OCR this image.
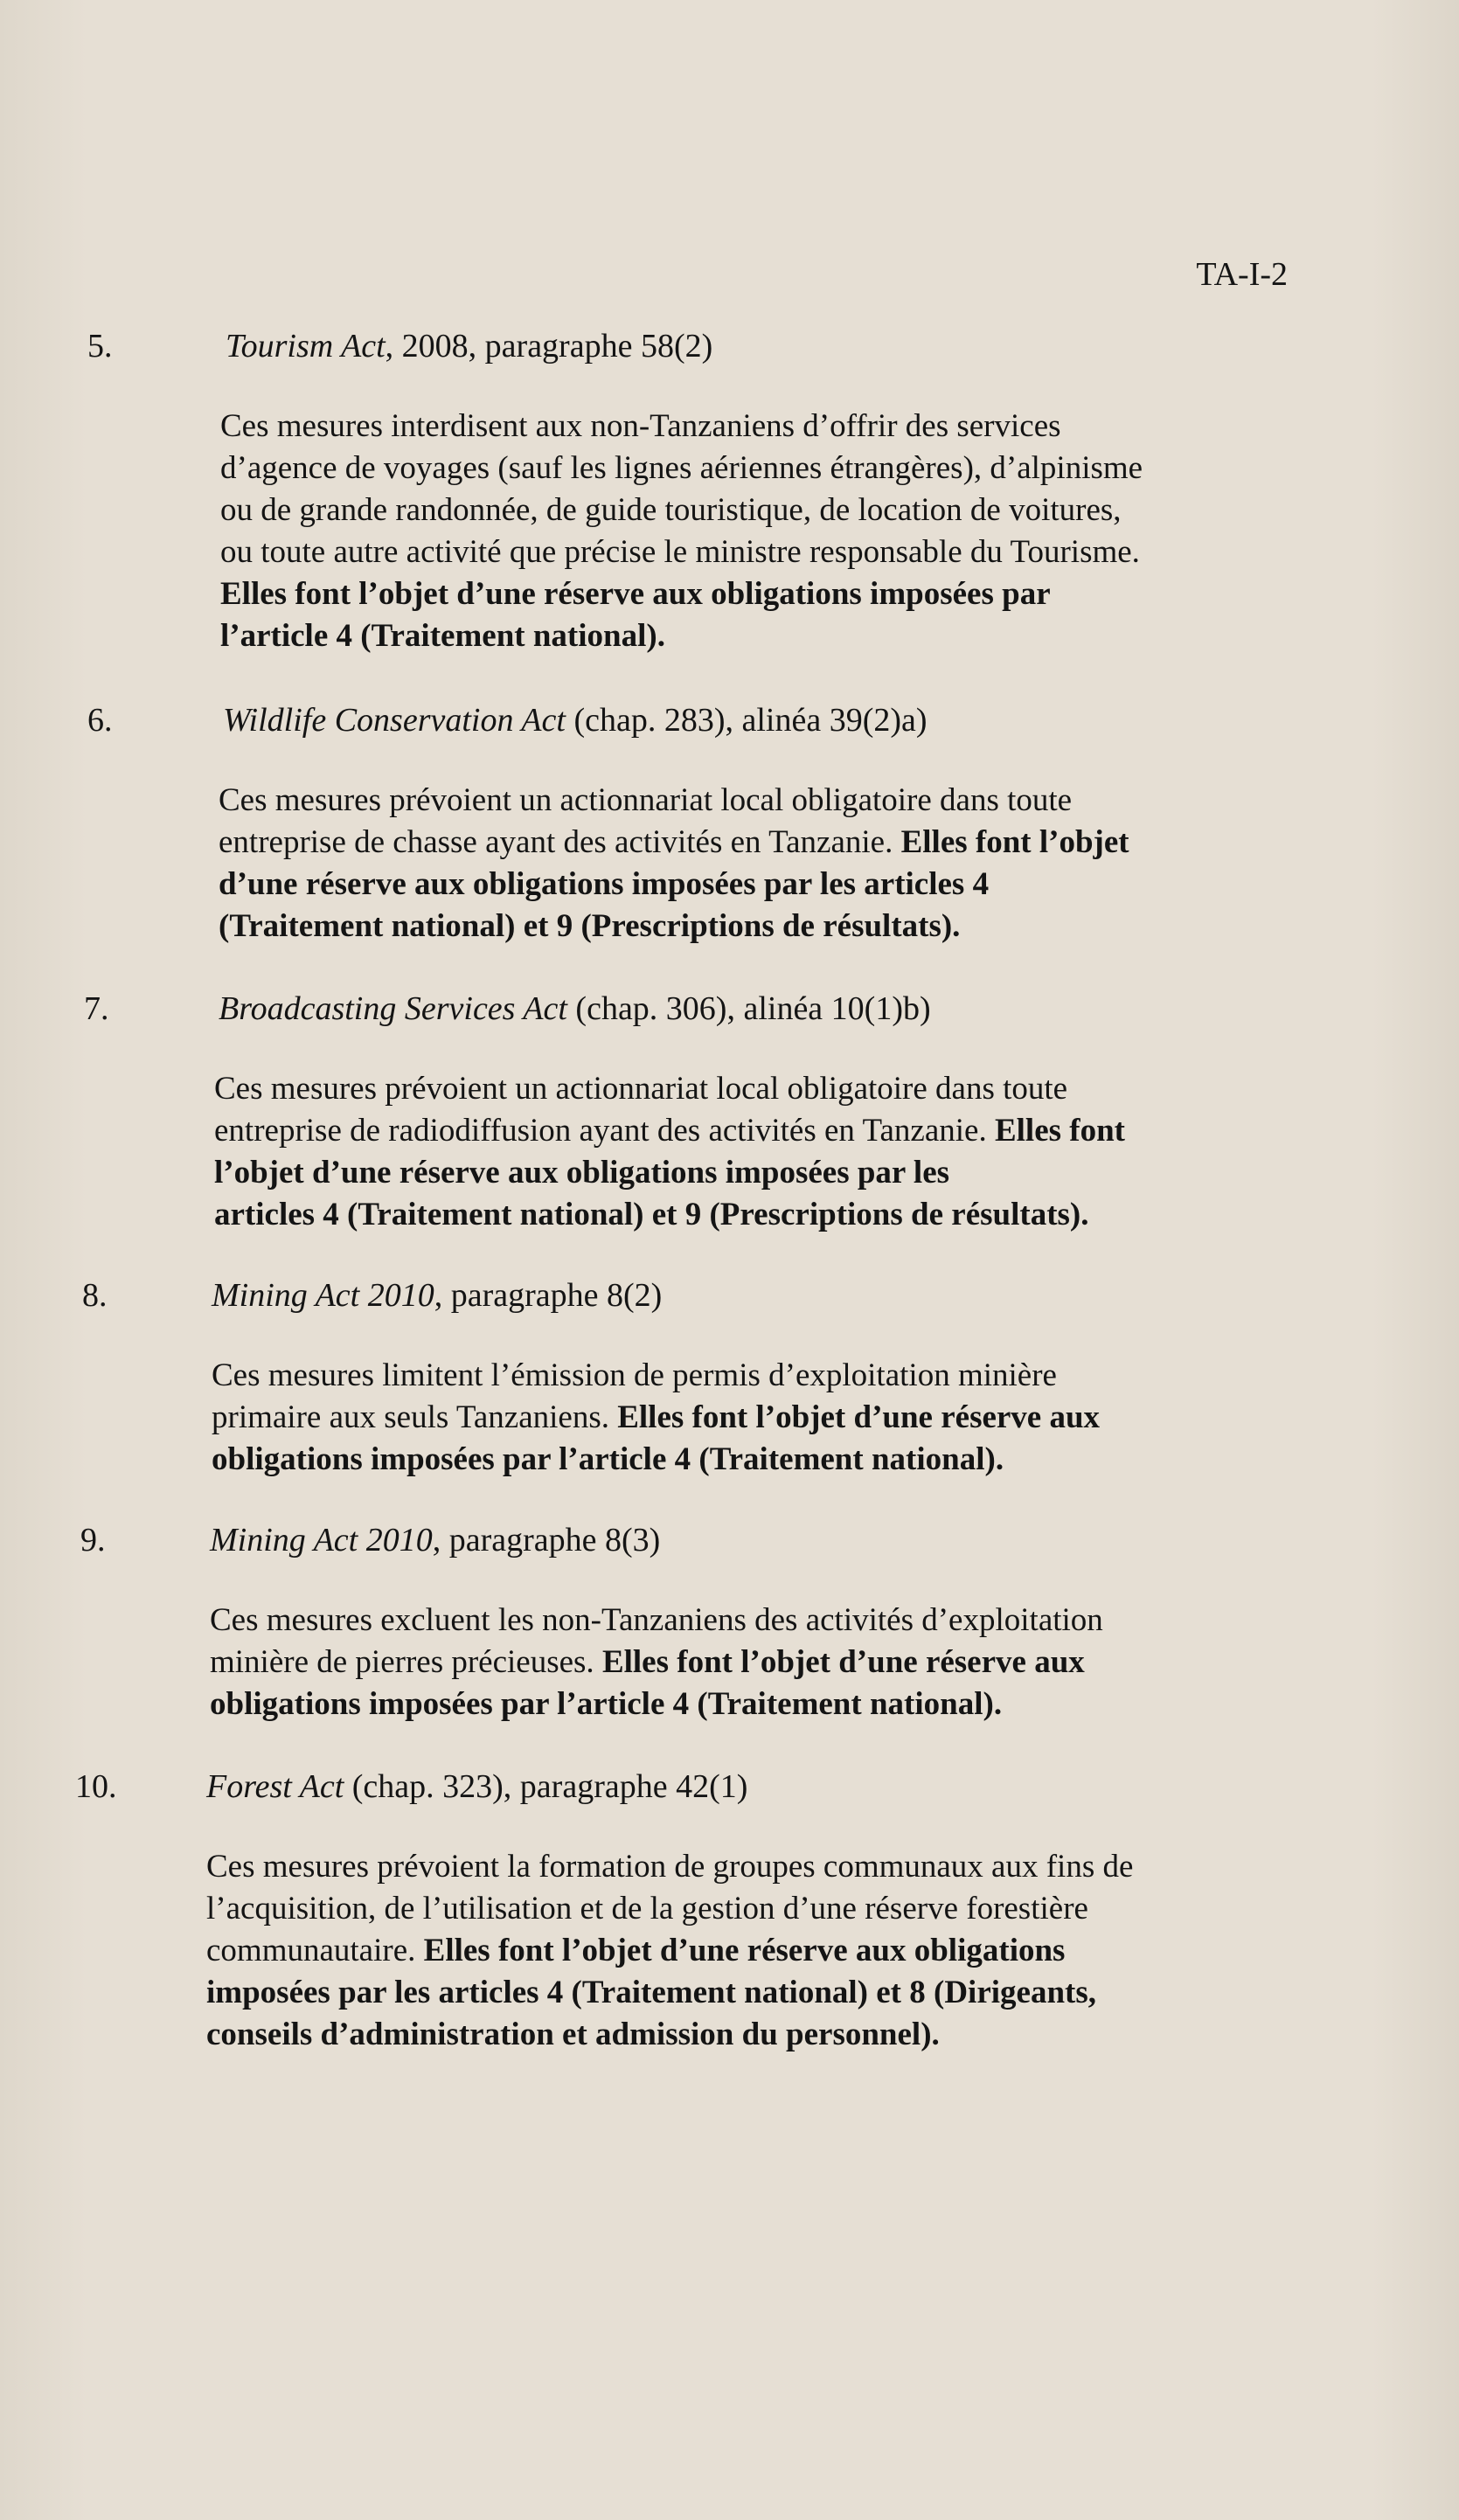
TA-I-2
5.	Tourism Act, 2008, paragraphe 58(2)
Ces mesures interdisent aux non-Tanzaniens d’offrir des services
d’agence de voyages (sauf les lignes aériennes étrangères), d’alpinisme
ou de grande randonnée, de guide touristique, de location de voitures,
ou toute autre activité que précise le ministre responsable du Tourisme.
Elles font l’objet d’une réserve aux obligations imposées par
l’article 4 (Traitement national).
6.	Wildlife Conservation Act (chap. 283), alinéa 39(2)a)
Ces mesures prévoient un actionnariat local obligatoire dans toute
entreprise de chasse ayant des activités en Tanzanie. Elles font l’objet
d’une réserve aux obligations imposées par les articles 4
(Traitement national) et 9 (Prescriptions de résultats).
7.	Broadcasting Services Act (chap. 306), alinéa 10(1)b)
Ces mesures prévoient un actionnariat local obligatoire dans toute
entreprise de radiodiffusion ayant des activités en Tanzanie. Elles font
l’objet d’une réserve aux obligations imposées par les
articles 4 (Traitement national) et 9 (Prescriptions de résultats).
8.	Mining Act 2010, paragraphe 8(2)
Ces mesures limitent l’émission de permis d’exploitation minière
primaire aux seuls Tanzaniens. Elles font l’objet d’une réserve aux
obligations imposées par l’article 4 (Traitement national).
9.	Mining Act 2010, paragraphe 8(3)
Ces mesures excluent les non-Tanzaniens des activités d’exploitation
minière de pierres précieuses. Elles font l’objet d’une réserve aux
obligations imposées par l’article 4 (Traitement national).
10.	Forest Act (chap. 323), paragraphe 42(1)
Ces mesures prévoient la formation de groupes communaux aux fins de
l’acquisition, de l’utilisation et de la gestion d’une réserve forestière
communautaire. Elles font l’objet d’une réserve aux obligations
imposées par les articles 4 (Traitement national) et 8 (Dirigeants,
conseils d’administration et admission du personnel).
